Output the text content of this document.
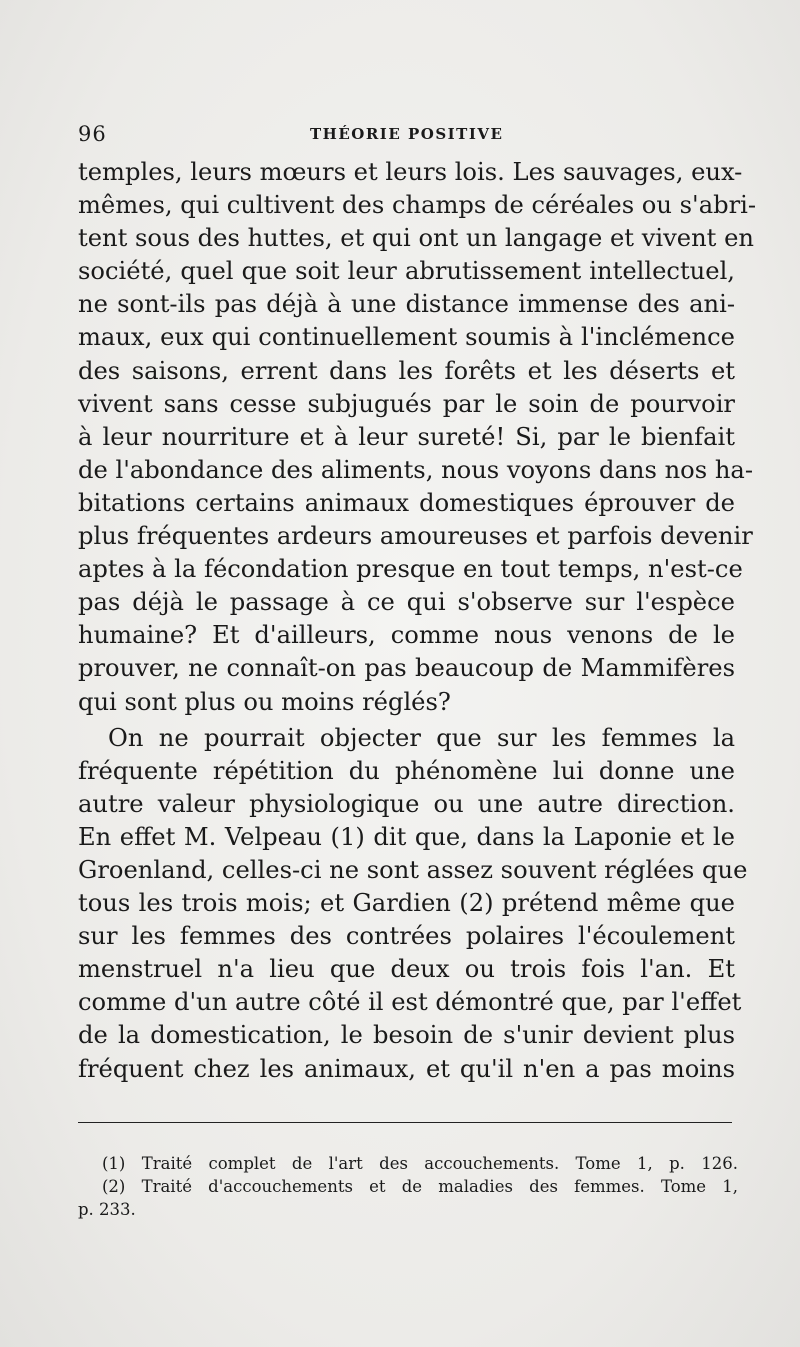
96	THÉORIE POSITIVE
temples, leurs mœurs et leurs lois. Les sauvages, eux-
mêmes, qui cultivent des champs de céréales ou s'abri-
tent sous des huttes, et qui ont un langage et vivent en
société, quel que soit leur abrutissement intellectuel,
ne sont-ils pas déjà à une distance immense des ani-
maux, eux qui continuellement soumis à l'inclémence
des saisons, errent dans les forêts et les déserts et
vivent sans cesse subjugués par le soin de pourvoir
à leur nourriture et à leur sureté! Si, par le bienfait
de l'abondance des aliments, nous voyons dans nos ha-
bitations certains animaux domestiques éprouver de
plus fréquentes ardeurs amoureuses et parfois devenir
aptes à la fécondation presque en tout temps, n'est-ce
pas déjà le passage à ce qui s'observe sur l'espèce
humaine? Et d'ailleurs, comme nous venons de le
prouver, ne connaît-on pas beaucoup de Mammifères
qui sont plus ou moins réglés?
On ne pourrait objecter que sur les femmes la
fréquente répétition du phénomène lui donne une
autre valeur physiologique ou une autre direction.
En effet M. Velpeau (1) dit que, dans la Laponie et le
Groenland, celles-ci ne sont assez souvent réglées que
tous les trois mois; et Gardien (2) prétend même que
sur les femmes des contrées polaires l'écoulement
menstruel n'a lieu que deux ou trois fois l'an. Et
comme d'un autre côté il est démontré que, par l'effet
de la domestication, le besoin de s'unir devient plus
fréquent chez les animaux, et qu'il n'en a pas moins
(1) Traité complet de l'art des accouchements. Tome 1, p. 126.
(2) Traité d'accouchements et de maladies des femmes. Tome 1,
p. 233.
